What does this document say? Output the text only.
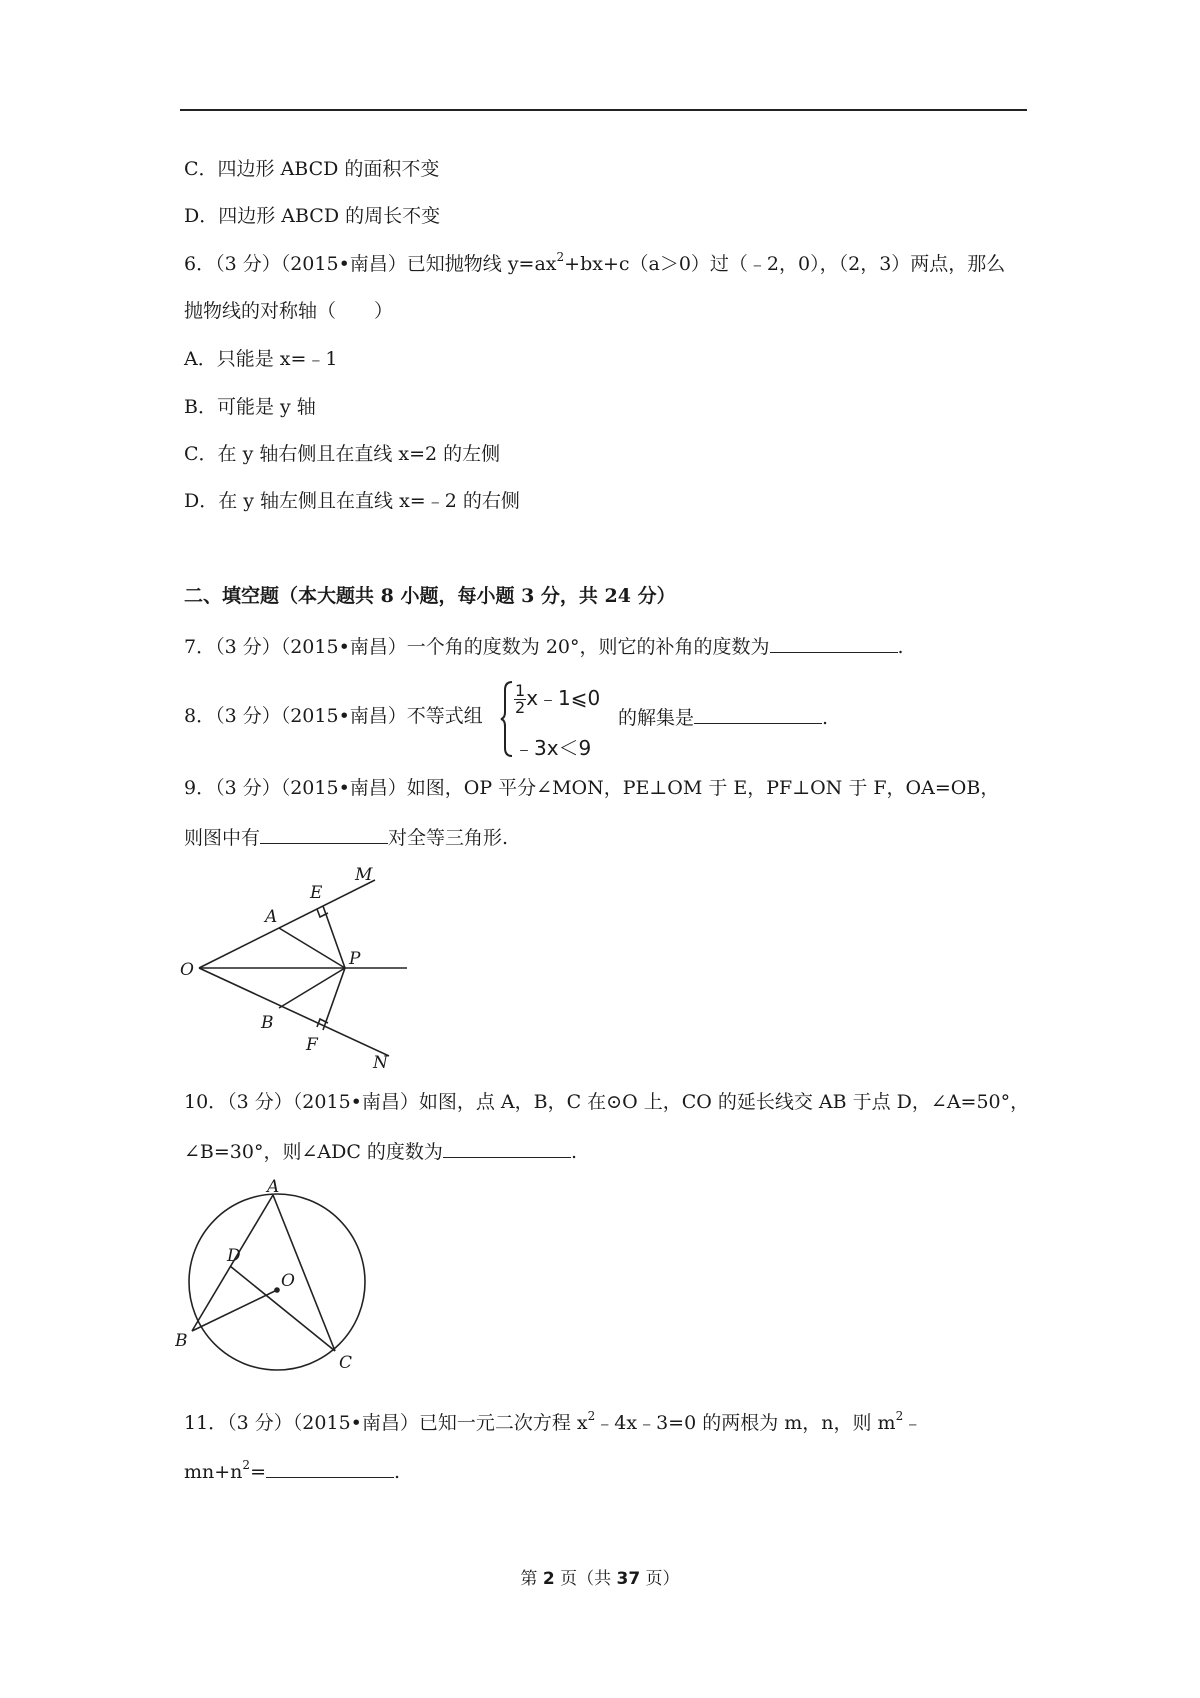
C．四边形 ABCD 的面积不变
D．四边形 ABCD 的周长不变
6．（3 分）（2015•南昌）已知抛物线 $y=ax^2+bx+c(a>0)$过（﹣2，0），（2，3）两点，那么
抛物线的对称轴（　　）
A．只能是 x=﹣1
B．可能是 y 轴
C．在 y 轴右侧且在直线 x=2 的左侧
D．在 y 轴左侧且在直线 x=﹣2 的右侧
二、填空题（本大题共 8 小题，每小题 3 分，共 24 分）
7．（3 分）（2015•南昌）一个角的度数为 20°，则它的补角的度数为	.
8．（3 分）（2015•南昌）不等式组 $\frac{1}{2}$ x﹣1⩽0
﹣3x＜9
的解集是	.
9．（3 分）（2015•南昌）如图，OP 平分∠MON，PE⊥OM 于 E，PF⊥ON 于 F，OA=OB，
则图中有	对全等三角形.
O
A
E
M
P
B
F
N
10．（3 分）（2015•南昌）如图，点 A，B，C 在⊙O 上，CO 的延长线交 AB 于点 D，∠A=50°，
∠B=30°，则∠ADC 的度数为	.
A
D
O
B
C
11．（3 分）（2015•南昌）已知一元二次方程 $x^2﹣4x﹣3=0$ 的两根为 m，n，则 $m^2﹣$
$mn+n^2=$	.
第 2 页（共 37 页）
